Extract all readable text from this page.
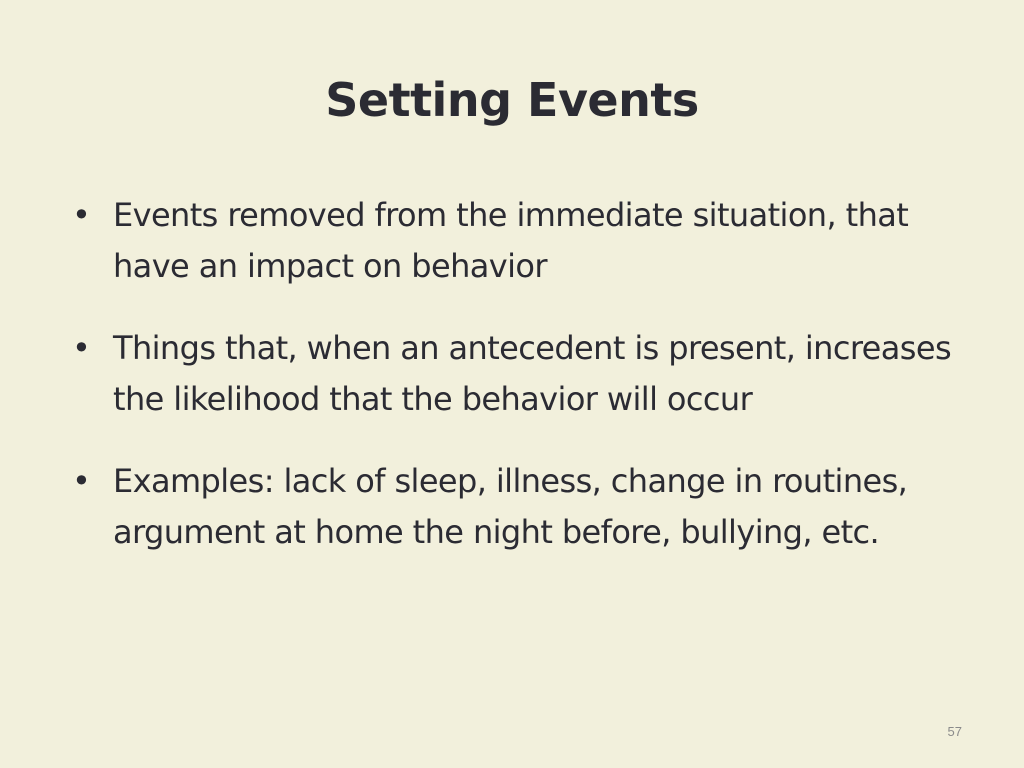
Setting Events
• Events removed from the immediate situation, that have an impact on behavior
• Things that, when an antecedent is present, increases the likelihood that the behavior will occur
• Examples: lack of sleep, illness, change in routines, argument at home the night before, bullying, etc.
57
